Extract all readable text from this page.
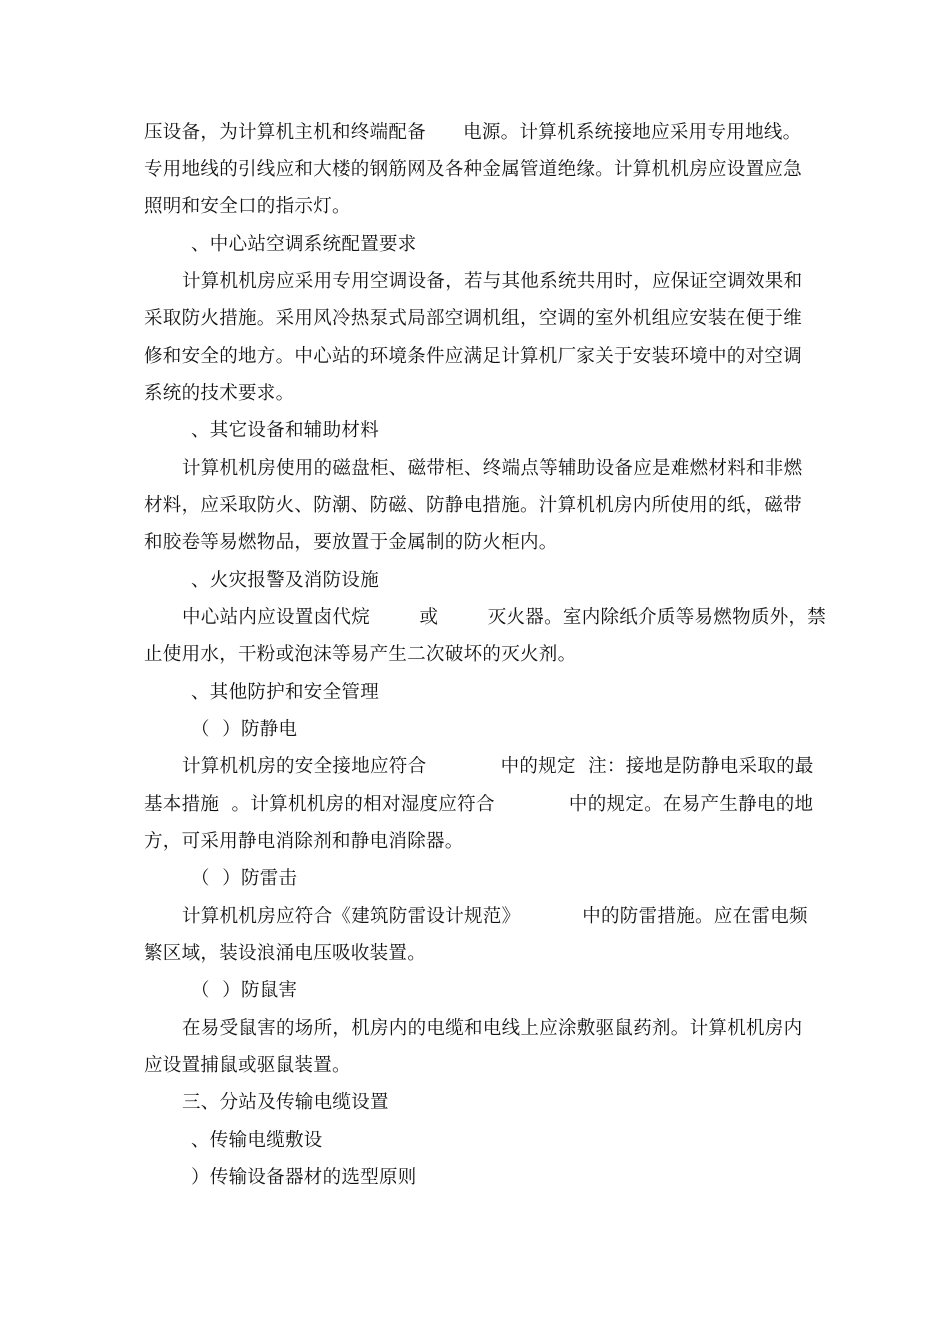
压设备，为计算机主机和终端配备      电源。计算机系统接地应采用专用地线。
专用地线的引线应和大楼的钢筋网及各种金属管道绝缘。计算机机房应设置应急
照明和安全口的指示灯。
、中心站空调系统配置要求
计算机机房应采用专用空调设备，若与其他系统共用时，应保证空调效果和
采取防火措施。采用风冷热泵式局部空调机组，空调的室外机组应安装在便于维
修和安全的地方。中心站的环境条件应满足计算机厂家关于安装环境中的对空调
系统的技术要求。
、其它设备和辅助材料
计算机机房使用的磁盘柜、磁带柜、终端点等辅助设备应是难燃材料和非燃
材料，应采取防火、防潮、防磁、防静电措施。汁算机机房内所使用的纸，磁带
和胶卷等易燃物品，要放置于金属制的防火柜内。
、火灾报警及消防设施
中心站内应设置卤代烷        或        灭火器。室内除纸介质等易燃物质外，禁
止使用水，干粉或泡沫等易产生二次破坏的灭火剂。
、其他防护和安全管理
（  ）防静电
计算机机房的安全接地应符合            中的规定  注：接地是防静电采取的最
基本措施  。计算机机房的相对湿度应符合            中的规定。在易产生静电的地
方，可采用静电消除剂和静电消除器。
（  ）防雷击
计算机机房应符合《建筑防雷设计规范》          中的防雷措施。应在雷电频
繁区域，装设浪涌电压吸收装置。
（  ）防鼠害
在易受鼠害的场所，机房内的电缆和电线上应涂敷驱鼠药剂。计算机机房内
应设置捕鼠或驱鼠装置。
三、分站及传输电缆设置
、传输电缆敷设
）传输设备器材的选型原则
